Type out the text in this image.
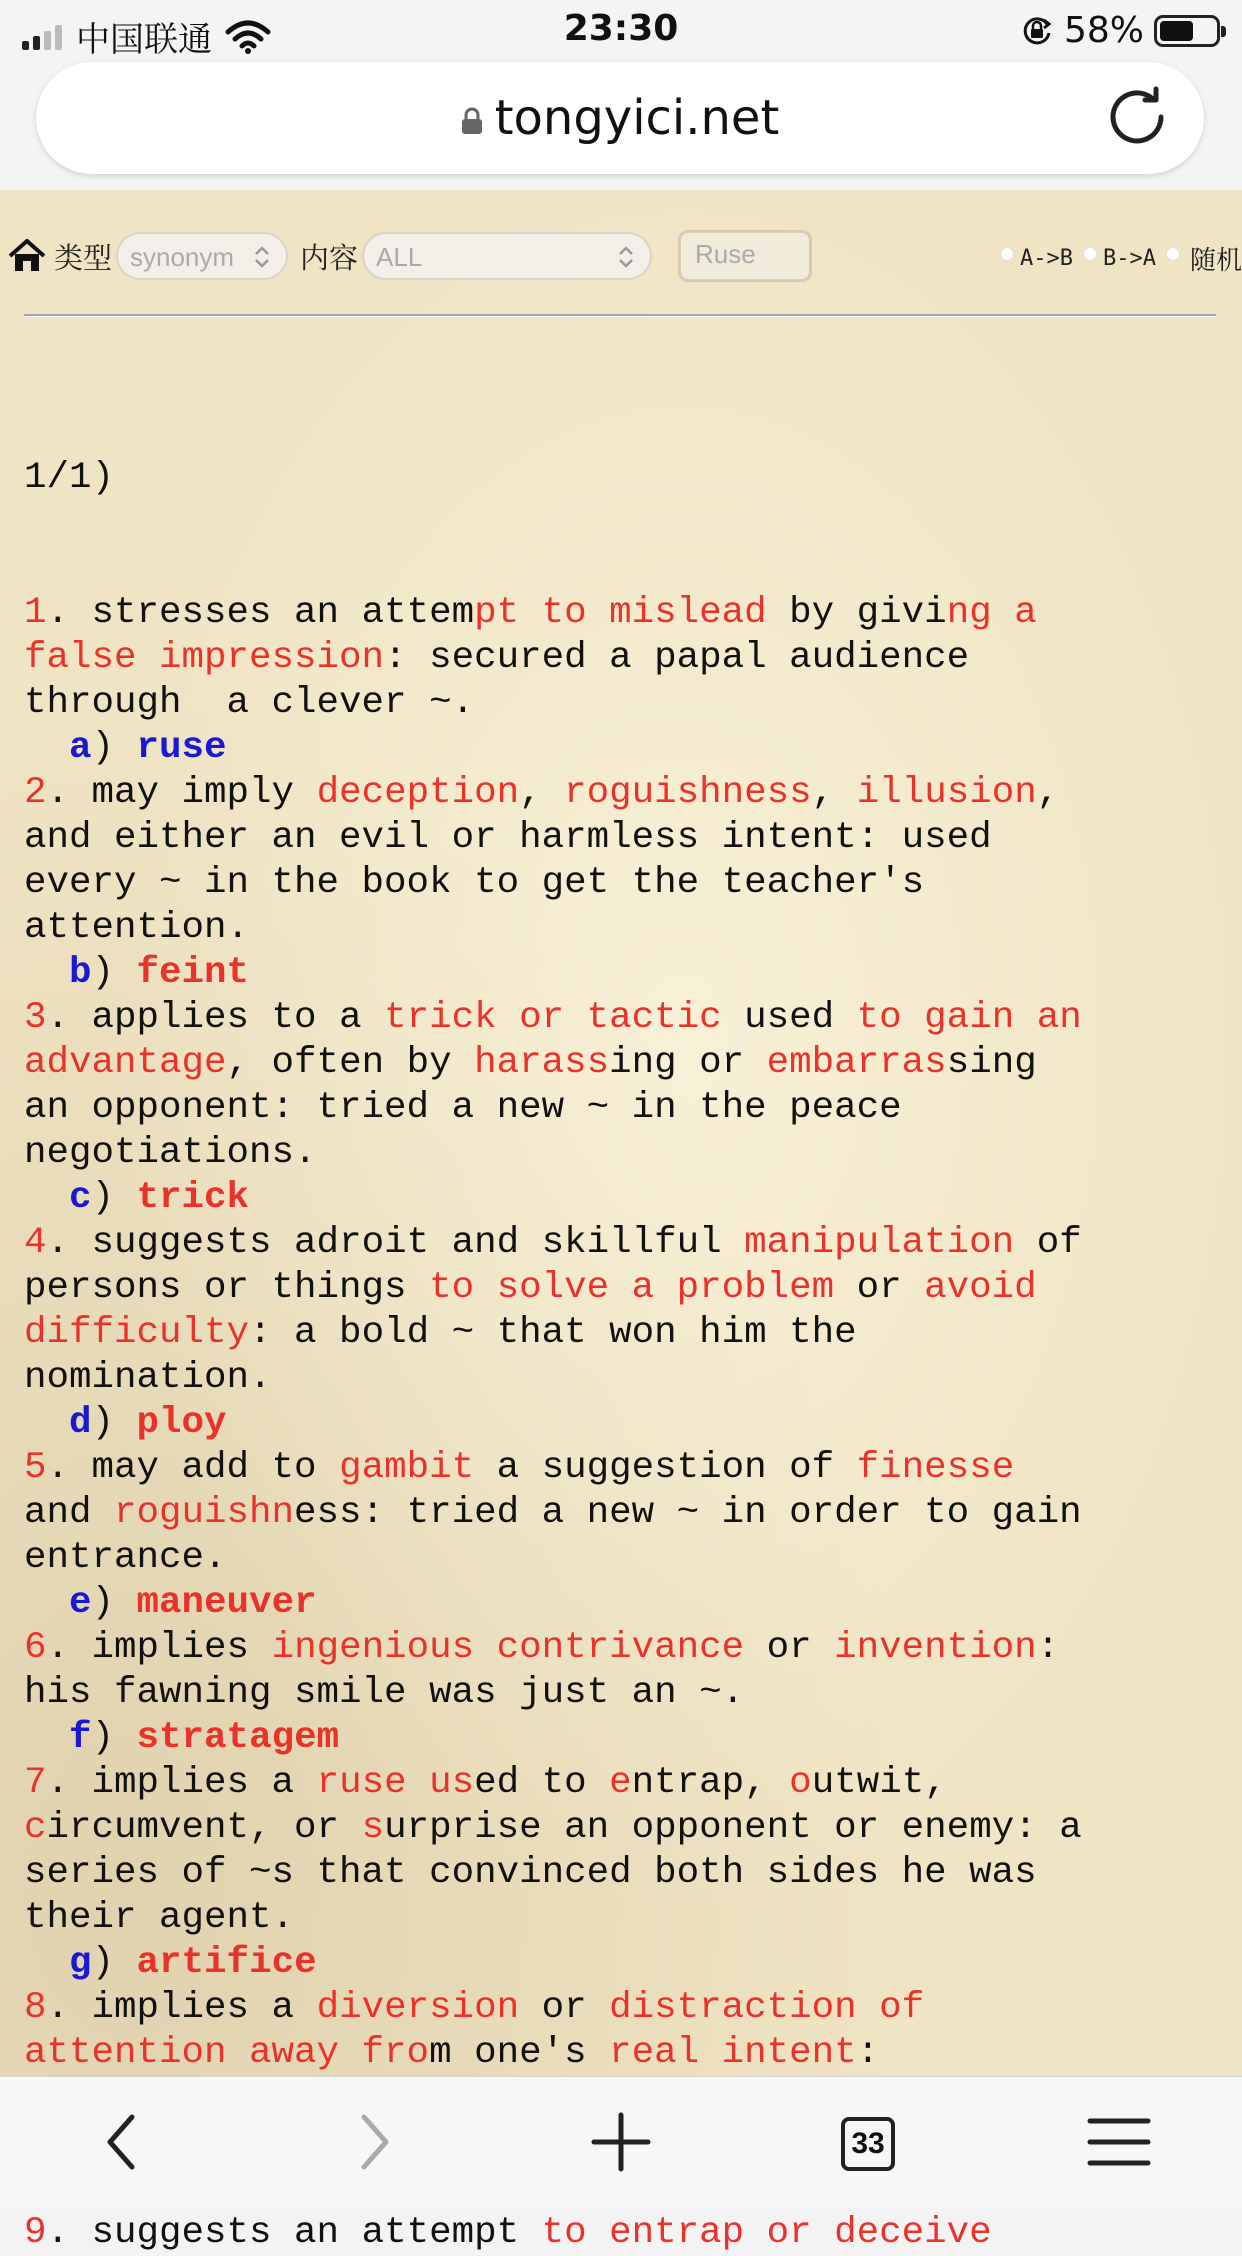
中国联通	23:30	58%
tongyici.net
类型 synonym	内容 ALL	Ruse	A->B B->A 随机

1/1)

1. stresses an attempt to mislead by giving a
false impression: secured a papal audience
through  a clever ~.
a) ruse
2. may imply deception, roguishness, illusion,
and either an evil or harmless intent: used
every ~ in the book to get the teacher's
attention.
b) feint
3. applies to a trick or tactic used to gain an
advantage, often by harassing or embarrassing
an opponent: tried a new ~ in the peace
negotiations.
c) trick
4. suggests adroit and skillful manipulation of
persons or things to solve a problem or avoid
difficulty: a bold ~ that won him the
nomination.
d) ploy
5. may add to gambit a suggestion of finesse
and roguishness: tried a new ~ in order to gain
entrance.
e) maneuver
6. implies ingenious contrivance or invention:
his fawning smile was just an ~.
f) stratagem
7. implies a ruse used to entrap, outwit,
circumvent, or surprise an opponent or enemy: a
series of ~s that convinced both sides he was
their agent.
g) artifice
8. implies a diversion or distraction of
attention away from one's real intent:

9. suggests an attempt to entrap or deceive
33
